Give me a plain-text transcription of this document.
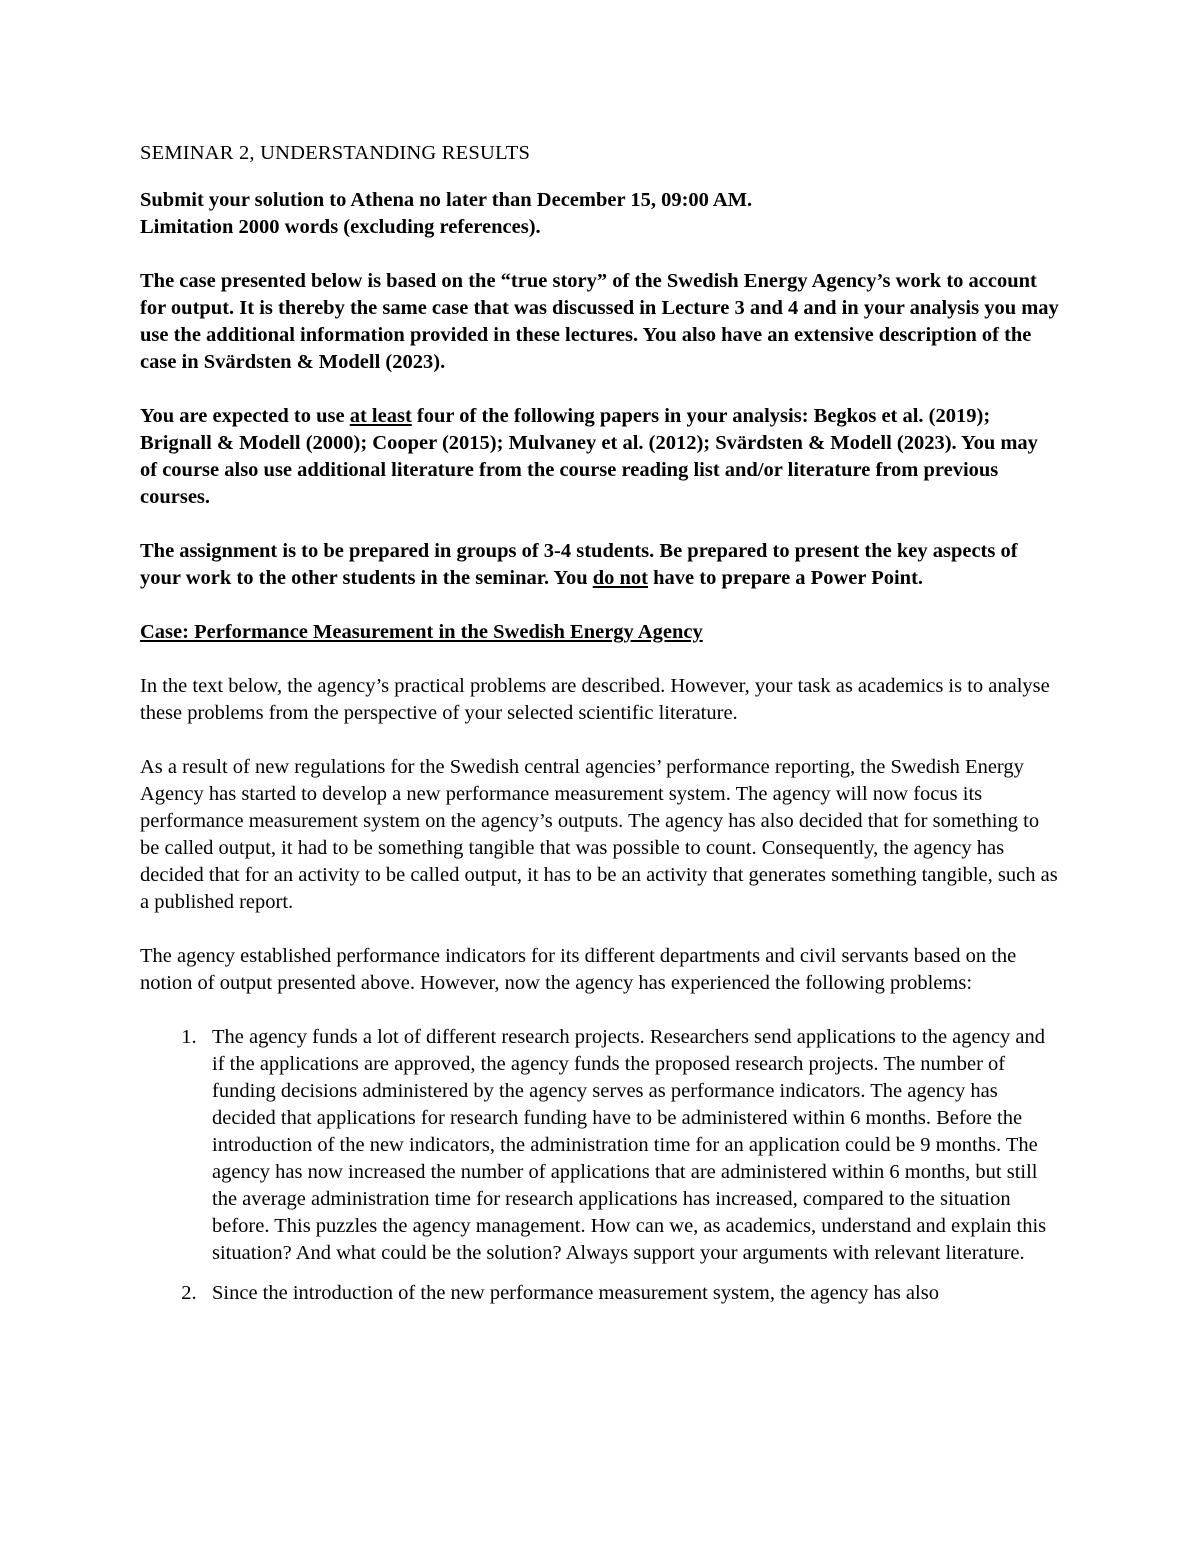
SEMINAR 2, UNDERSTANDING RESULTS

Submit your solution to Athena no later than December 15, 09:00 AM.
Limitation 2000 words (excluding references).

The case presented below is based on the “true story” of the Swedish Energy Agency’s work to account for output. It is thereby the same case that was discussed in Lecture 3 and 4 and in your analysis you may use the additional information provided in these lectures. You also have an extensive description of the case in Svärdsten & Modell (2023).

You are expected to use at least four of the following papers in your analysis: Begkos et al. (2019); Brignall & Modell (2000); Cooper (2015); Mulvaney et al. (2012); Svärdsten & Modell (2023). You may of course also use additional literature from the course reading list and/or literature from previous courses.

The assignment is to be prepared in groups of 3-4 students. Be prepared to present the key aspects of your work to the other students in the seminar. You do not have to prepare a Power Point.

Case: Performance Measurement in the Swedish Energy Agency

In the text below, the agency’s practical problems are described. However, your task as academics is to analyse these problems from the perspective of your selected scientific literature.

As a result of new regulations for the Swedish central agencies’ performance reporting, the Swedish Energy Agency has started to develop a new performance measurement system. The agency will now focus its performance measurement system on the agency’s outputs. The agency has also decided that for something to be called output, it had to be something tangible that was possible to count. Consequently, the agency has decided that for an activity to be called output, it has to be an activity that generates something tangible, such as a published report.

The agency established performance indicators for its different departments and civil servants based on the notion of output presented above. However, now the agency has experienced the following problems:

1. The agency funds a lot of different research projects. Researchers send applications to the agency and if the applications are approved, the agency funds the proposed research projects. The number of funding decisions administered by the agency serves as performance indicators. The agency has decided that applications for research funding have to be administered within 6 months. Before the introduction of the new indicators, the administration time for an application could be 9 months. The agency has now increased the number of applications that are administered within 6 months, but still the average administration time for research applications has increased, compared to the situation before. This puzzles the agency management. How can we, as academics, understand and explain this situation? And what could be the solution? Always support your arguments with relevant literature.
2. Since the introduction of the new performance measurement system, the agency has also
